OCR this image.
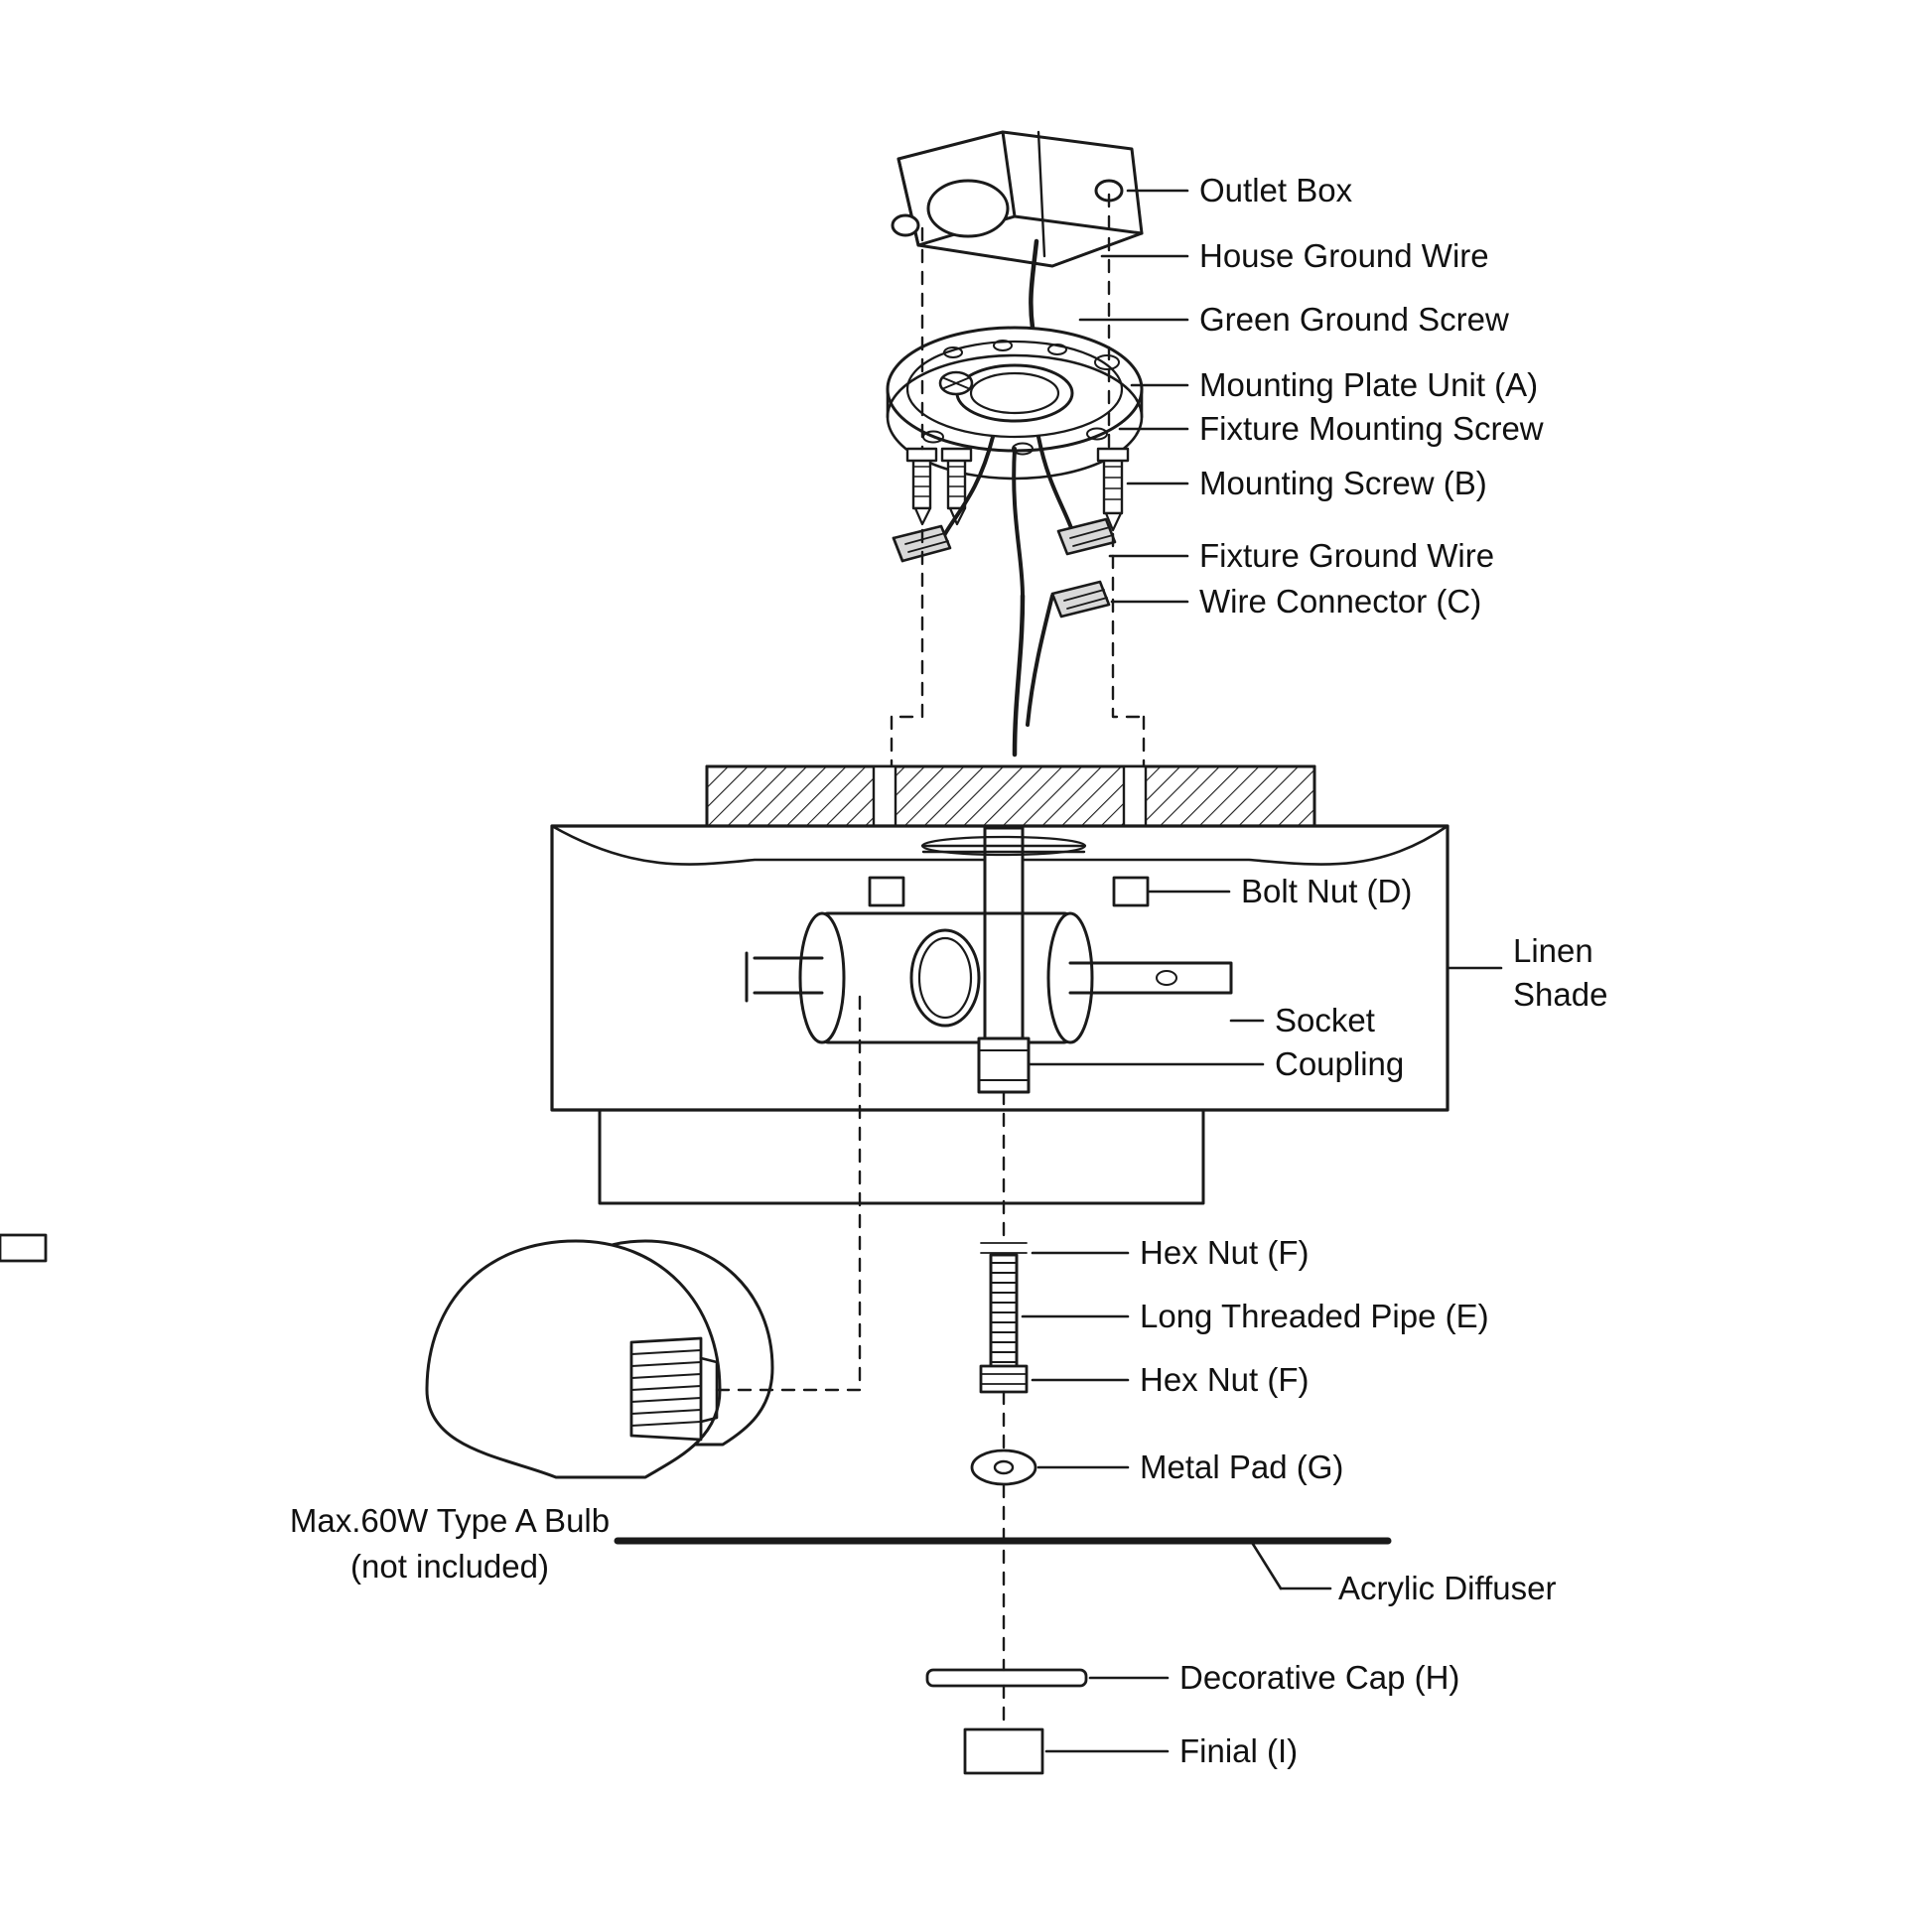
Outlet Box
House Ground Wire
Green Ground Screw
Mounting Plate Unit (A)
Fixture Mounting Screw
Mounting Screw (B)
Fixture Ground Wire
Wire Connector (C)
Bolt Nut (D)
Linen
Shade
Socket
Coupling
Hex Nut (F)
Long Threaded Pipe (E)
Hex Nut (F)
Metal Pad (G)
Acrylic Diffuser
Decorative Cap (H)
Finial (I)
Max.60W Type A Bulb
(not included)
